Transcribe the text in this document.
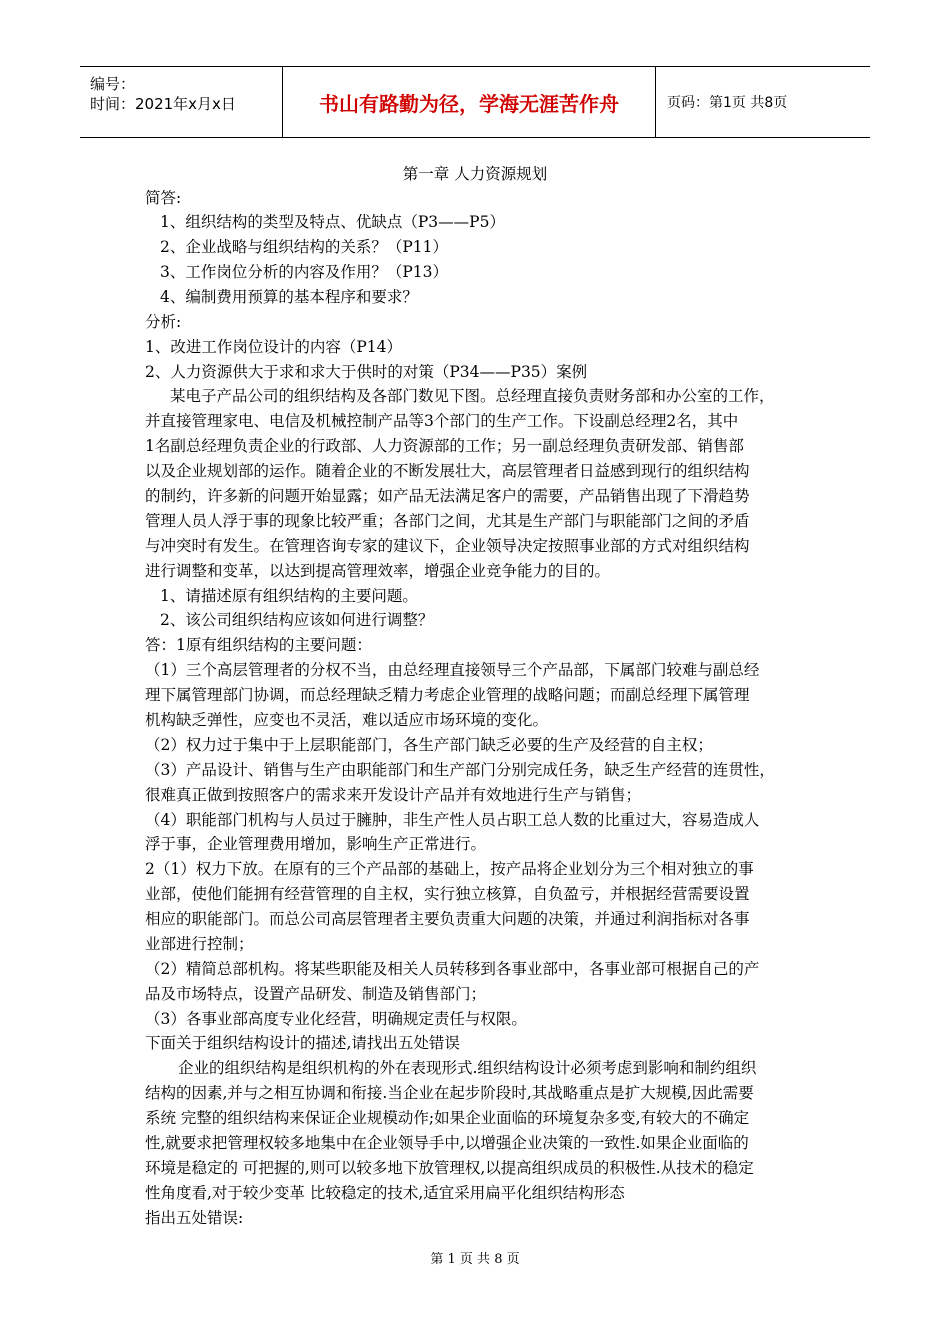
编号：
时间：2021年x月x日	书山有路勤为径，学海无涯苦作舟	页码：第1页 共8页
第一章 人力资源规划
简答:
1、组织结构的类型及特点、优缺点（P3——P5）
2、企业战略与组织结构的关系？（P11）
3、工作岗位分析的内容及作用？（P13）
4、编制费用预算的基本程序和要求？
分析:
1、改进工作岗位设计的内容（P14）
2、人力资源供大于求和求大于供时的对策（P34——P35）案例
某电子产品公司的组织结构及各部门数见下图。总经理直接负责财务部和办公室的工作，
并直接管理家电、电信及机械控制产品等3个部门的生产工作。下设副总经理2名，其中
1名副总经理负责企业的行政部、人力资源部的工作；另一副总经理负责研发部、销售部
以及企业规划部的运作。随着企业的不断发展壮大，高层管理者日益感到现行的组织结构
的制约，许多新的问题开始显露；如产品无法满足客户的需要，产品销售出现了下滑趋势
管理人员人浮于事的现象比较严重；各部门之间，尤其是生产部门与职能部门之间的矛盾
与冲突时有发生。在管理咨询专家的建议下，企业领导决定按照事业部的方式对组织结构
进行调整和变革，以达到提高管理效率，增强企业竞争能力的目的。
1、请描述原有组织结构的主要问题。
2、该公司组织结构应该如何进行调整？
答：1原有组织结构的主要问题：
（1）三个高层管理者的分权不当，由总经理直接领导三个产品部，下属部门较难与副总经
理下属管理部门协调，而总经理缺乏精力考虑企业管理的战略问题；而副总经理下属管理
机构缺乏弹性，应变也不灵活，难以适应市场环境的变化。
（2）权力过于集中于上层职能部门，各生产部门缺乏必要的生产及经营的自主权；
（3）产品设计、销售与生产由职能部门和生产部门分别完成任务，缺乏生产经营的连贯性，
很难真正做到按照客户的需求来开发设计产品并有效地进行生产与销售；
（4）职能部门机构与人员过于臃肿，非生产性人员占职工总人数的比重过大，容易造成人
浮于事，企业管理费用增加，影响生产正常进行。
2（1）权力下放。在原有的三个产品部的基础上，按产品将企业划分为三个相对独立的事
业部，使他们能拥有经营管理的自主权，实行独立核算，自负盈亏，并根据经营需要设置
相应的职能部门。而总公司高层管理者主要负责重大问题的决策，并通过利润指标对各事
业部进行控制；
（2）精简总部机构。将某些职能及相关人员转移到各事业部中，各事业部可根据自己的产
品及市场特点，设置产品研发、制造及销售部门；
（3）各事业部高度专业化经营，明确规定责任与权限。
下面关于组织结构设计的描述,请找出五处错误
企业的组织结构是组织机构的外在表现形式.组织结构设计必须考虑到影响和制约组织
结构的因素,并与之相互协调和衔接.当企业在起步阶段时,其战略重点是扩大规模,因此需要
系统 完整的组织结构来保证企业规模动作;如果企业面临的环境复杂多变,有较大的不确定
性,就要求把管理权较多地集中在企业领导手中,以增强企业决策的一致性.如果企业面临的
环境是稳定的 可把握的,则可以较多地下放管理权,以提高组织成员的积极性.从技术的稳定
性角度看,对于较少变革 比较稳定的技术,适宜采用扁平化组织结构形态
指出五处错误:
第 1 页 共 8 页
